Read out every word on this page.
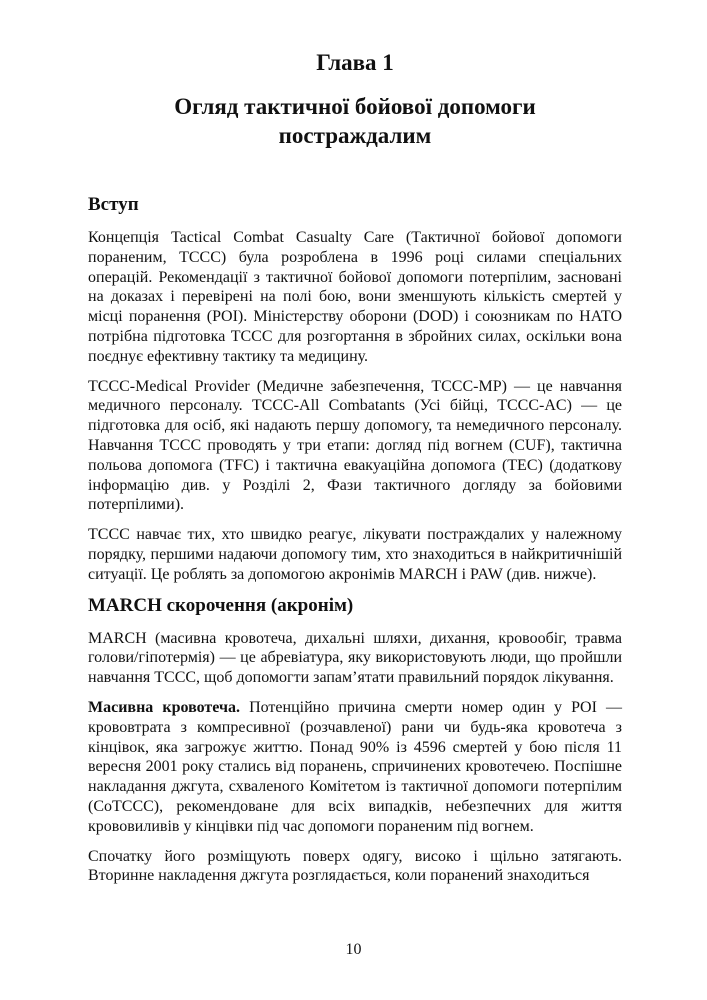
Глава 1
Огляд тактичної бойової допомоги
постраждалим
Вступ

Концепція Tactical Combat Casualty Care (Тактичної бойової допомоги пораненим, TCCC) була розроблена в 1996 році силами спеціальних операцій. Рекомендації з тактичної бойової допомоги потерпілим, засновані на доказах і перевірені на полі бою, вони зменшують кількість смертей у місці поранення (POI). Міністерству оборони (DOD) і союзникам по НАТО потрібна підготовка TCCC для розгортання в збройних силах, оскільки вона поєднує ефективну тактику та медицину.

TCCC-Medical Provider (Медичне забезпечення, TCCC-MP) — це навчання медичного персоналу. TCCC-All Combatants (Усі бійці, TCCC-AC) — це підготовка для осіб, які надають першу допомогу, та немедичного персоналу. Навчання TCCC проводять у три етапи: догляд під вогнем (CUF), тактична польова допомога (TFC) і тактична евакуаційна допомога (TEC) (додаткову інформацію див. у Розділі 2, Фази тактичного догляду за бойовими потерпілими).

TCCC навчає тих, хто швидко реагує, лікувати постраждалих у належному порядку, першими надаючи допомогу тим, хто знаходиться в найкритичнішій ситуації. Це роблять за допомогою акронімів MARCH і PAW (див. нижче).

MARCH скорочення (акронім)

MARCH (масивна кровотеча, дихальні шляхи, дихання, кровообіг, травма голови/гіпотермія) — це абревіатура, яку використовують люди, що пройшли навчання TCCC, щоб допомогти запам’ятати правильний порядок лікування.

Масивна кровотеча. Потенційно причина смерти номер один у POI — крововтрата з компресивної (розчавленої) рани чи будь-яка кровотеча з кінцівок, яка загрожує життю. Понад 90% із 4596 смертей у бою після 11 вересня 2001 року стались від поранень, спричинених кровотечею. Поспішне накладання джгута, схваленого Комітетом із тактичної допомоги потерпілим (CoTCCC), рекомендоване для всіх випадків, небезпечних для життя крововиливів у кінцівки під час допомоги пораненим під вогнем.

Спочатку його розміщують поверх одягу, високо і щільно затягають. Вторинне накладення джгута розглядається, коли поранений знаходиться

10
